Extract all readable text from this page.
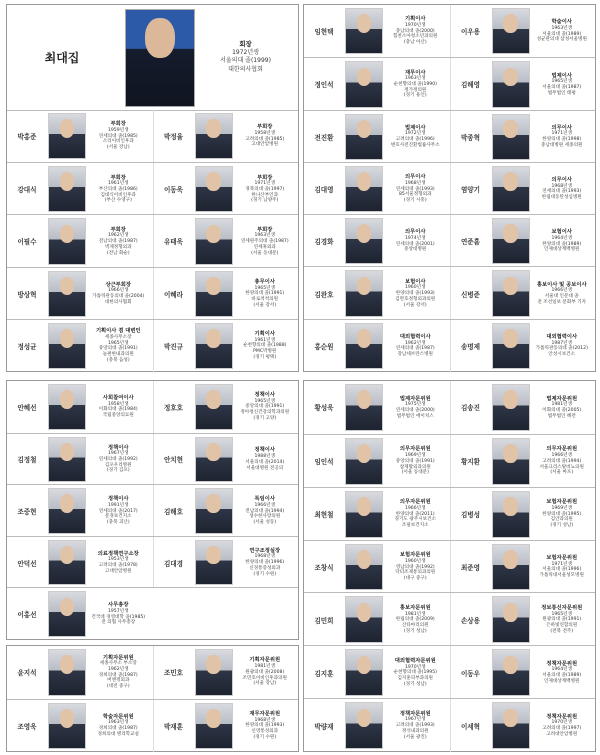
최대집
회장
1972년생
서울의대 졸(1999)
대한의사협회
박홍준
부회장
1959년생
연세의대 졸(1985)
소리이비인후과
(서울 강남)
박정율
부회장
1958년생
고려의대 졸(1985)
고대안암병원
강대식
부회장
1961년생
부산의대 졸(1986)
김대식이비인후과
(부산 수영구)
이동욱
부회장
1971년생
경북의대 졸(1997)
한나산부인과
(경기 남양주)
이필수
부회장
1962년생
전남의대 졸(1987)
벽제정형외과
(전남 화순)
유태욱
부회장
1963년생
연세원주의대 졸(1987)
연세휴외과
(서울 동대문)
방상혁
상근부회장
1966년생
가톨릭관동의대 졸(2004)
대한의사협회
이혜라
총무이사
1965년생
한양의대 졸(1991)
바로척척의원
(서울 강서)
정성균
기획이사 겸 대변인
세종사무소장
1965년생
중앙의대 졸(1991)
늘편한내과의원
(충북 음성)
박진규
기획이사
1961년생
순천향의대 졸(1988)
PMC박병원
(경기 평택)
임현택
기획이사
1970년생
충남의대 졸(2000)
힘찬소아청소년과의원
(충남 아산)
이우용
학술이사
1963년생
서울의대 졸(1989)
성균관의대 삼성서울병원
정인석
재무이사
1963년생
순천향의대 졸(1990)
정가정의원
(경기 용인)
김해영
법제이사
1965년생
서울의대 졸(1987)
법무법인 태평
전진환
법제이사
1972년생
고려의대 졸(1996)
변호사전진환법률사무소
박종혁
의무이사
1971년생
한양의대 졸(1998)
충남대병원 세종의원
김대영
의무이사
1968년생
연세의대 졸(1993)
85서울정형외과
(경기 시흥)
염양기
의무이사
1968년생
연세의대 졸(1993)
한림대동탄성심병원
김경화
의무이사
1974년생
연세의대 졸(2001)
중앙대병원
연준흠
보험이사
1964년생
한양의대 졸(1989)
인제대상계백병원
김완호
보험이사
1960년생
한양의대 졸(1993)
김완호정형외과의원
(서울 강서)
신병준
홍보이사 및 공보이사
1966년생
서울대 인문대 졸
전 조선일보 문화부 기자
홍순원
대외협력이사
1962년생
연세의대 졸(1987)
강남세브란스병원
송명제
대외협력이사
1987년생
가톨릭관동의대 졸(2012)
안성시보건소
안혜선
사회참여이사
1958년생
이화의대 졸(1984)
국립중앙의료원
정호호
정책이사
1965년생
중앙의대 졸(1991)
정아청신건강의학과의원
(경기 고양)
김정철
정책이사
1967년생
연세의대 졸(1992)
김포우리병원
(경기 김포)
안치현
정책이사
1988년생
서울의대 졸(2014)
서울대병원 전공의
조중현
정책이사
1991년생
연세의대 졸(2017)
문경보건지소
(충북 괴산)
김해호
특임이사
1966년생
전남의대 졸(1994)
성수한사랑의원
(서울 성동)
안덕선
의료정책연구소장
1953년생
고려의대 졸(1978)
고대안암병원
김대경
연구조정실장
1968년생
한양의대 졸(1996)
신경통증성외과
(경기 수원)
이홍선
사무총장
1957년생
건국대 경영대학 졸(1985)
전 의협 사무총장
윤지석
기획자문위원
세종사무소 부소장
1962년생
경희의대 졸(1987)
버엔정외과
(대전 중구)
조민호
기획자문위원
1981년생
원광의대 졸(2008)
조민호이비인후과의원
(서울 강남)
조영욱
학술자문위원
1963년생
경희의대 졸(1987)
경희의대 병리학교실
박재훈
재무자문위원
1968년생
한양의대 졸(1993)
신영통성외과
(경기 수원)
황성욱
법제자문위원
1975년생
연세의대 졸(2000)
법무법인 에이치스
김송진
법제자문위원
1981년생
이화의대 졸(2005)
법무법인 해련
임인석
의무자문위원
1969년생
중앙의대 졸(1991)
참제활외과의원
(서울 동대문)
황지환
의무자문위원
1966년생
고려의대 졸(1994)
서울크리스탈비뇨의원
(서울 마포)
최현철
의무자문위원
1966년생
한양의대 졸(2011)
경기도 광주시보건소
조필보건지소
김병성
보험자문위원
1969년생
한양의대 졸(1995)
김안과의원
(경기 성남)
조창식
보험자문위원
1960년생
영남의대 졸(1992)
닥터조제통의과의원
(대구 중구)
최준영
보험자문위원
1971년생
서울의대 졸(1996)
가톨릭대서울성모병원
김민희
홍보자문위원
1981년생
한림의대 졸(2009)
산타마리의원
(경기 성남)
손상용
정보통신자문위원
1965년생
원광의대 졸(1991)
은하빛연합의원
(전북 전주)
김지훈
대외협력자문위원
1970년생
순천향의대 졸(1995)
김지훈피부과의원
(경기 성남)
이동우
정책자문위원
1964년생
서울의대 졸(1989)
인제대상계백병원
박량재
정책자문위원
1967년생
고려의대 졸(1993)
정석내과의원
(서울 광진)
이세혁
정책자문위원
1970년생
고려의대 졸(1997)
고려대안암병원
